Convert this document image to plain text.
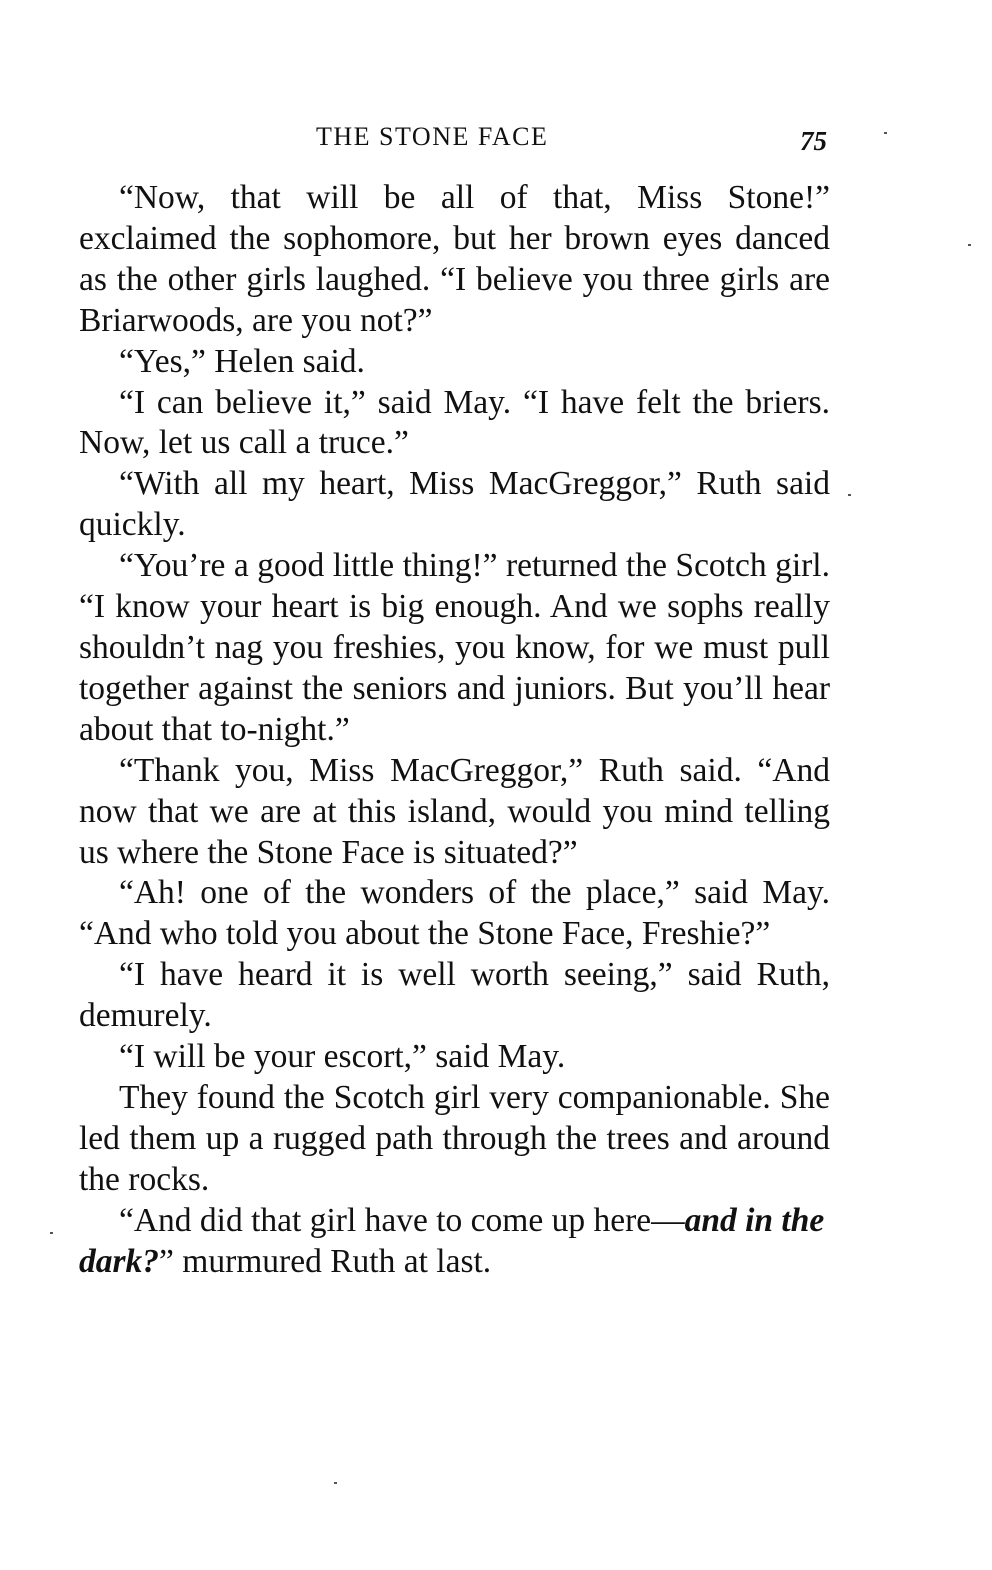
THE STONE FACE	75

“Now, that will be all of that, Miss Stone!” exclaimed the sophomore, but her brown eyes danced as the other girls laughed. “I believe you three girls are Briarwoods, are you not?”

“Yes,” Helen said.

“I can believe it,” said May. “I have felt the briers. Now, let us call a truce.”

“With all my heart, Miss MacGreggor,” Ruth said quickly.

“You’re a good little thing!” returned the Scotch girl. “I know your heart is big enough. And we sophs really shouldn’t nag you freshies, you know, for we must pull together against the seniors and juniors. But you’ll hear about that to-night.”

“Thank you, Miss MacGreggor,” Ruth said. “And now that we are at this island, would you mind telling us where the Stone Face is situated?”

“Ah! one of the wonders of the place,” said May. “And who told you about the Stone Face, Freshie?”

“I have heard it is well worth seeing,” said Ruth, demurely.

“I will be your escort,” said May.

They found the Scotch girl very companionable. She led them up a rugged path through the trees and around the rocks.

“And did that girl have to come up here—and in the dark?” murmured Ruth at last.
